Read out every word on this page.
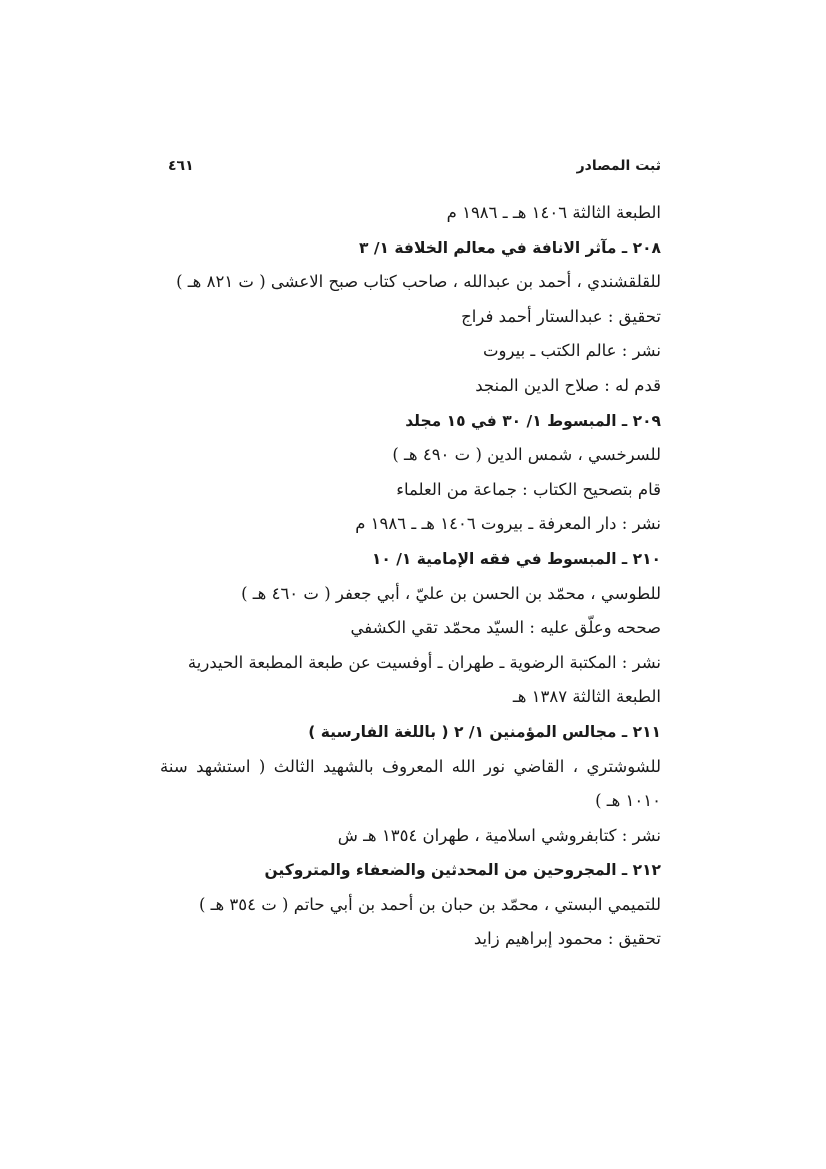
ثبت المصادر
٤٦١

الطبعة الثالثة ١٤٠٦ هـ ـ ١٩٨٦ م

٢٠٨ ـ مآثر الانافة في معالم الخلافة ١/ ٣

للقلقشندي ، أحمد بن عبدالله ، صاحب كتاب صبح الاعشى ( ت ٨٢١ هـ )

تحقيق : عبدالستار أحمد فراج

نشر : عالم الكتب ـ بيروت

قدم له : صلاح الدين المنجد

٢٠٩ ـ المبسوط ١/ ٣٠ في ١٥ مجلد

للسرخسي ، شمس الدين ( ت ٤٩٠ هـ )

قام بتصحيح الكتاب : جماعة من العلماء

نشر : دار المعرفة ـ بيروت ١٤٠٦ هـ ـ ١٩٨٦ م

٢١٠ ـ المبسوط في فقه الإمامية ١/ ١٠

للطوسي ، محمّد بن الحسن بن عليّ ، أبي جعفر ( ت ٤٦٠ هـ )

صححه وعلّق عليه : السيّد محمّد تقي الكشفي

نشر : المكتبة الرضوية ـ طهران ـ أوفسيت عن طبعة المطبعة الحيدرية

الطبعة الثالثة ١٣٨٧ هـ

٢١١ ـ مجالس المؤمنين ١/ ٢ ( باللغة الفارسية )

للشوشتري ، القاضي نور الله المعروف بالشهيد الثالث ( استشهد سنة ١٠١٠ هـ )

نشر : كتابفروشي اسلامية ، طهران ١٣٥٤ هـ ش

٢١٢ ـ المجروحين من المحدثين والضعفاء والمتروكين

للتميمي البستي ، محمّد بن حبان بن أحمد بن أبي حاتم ( ت ٣٥٤ هـ )

تحقيق : محمود إبراهيم زايد
